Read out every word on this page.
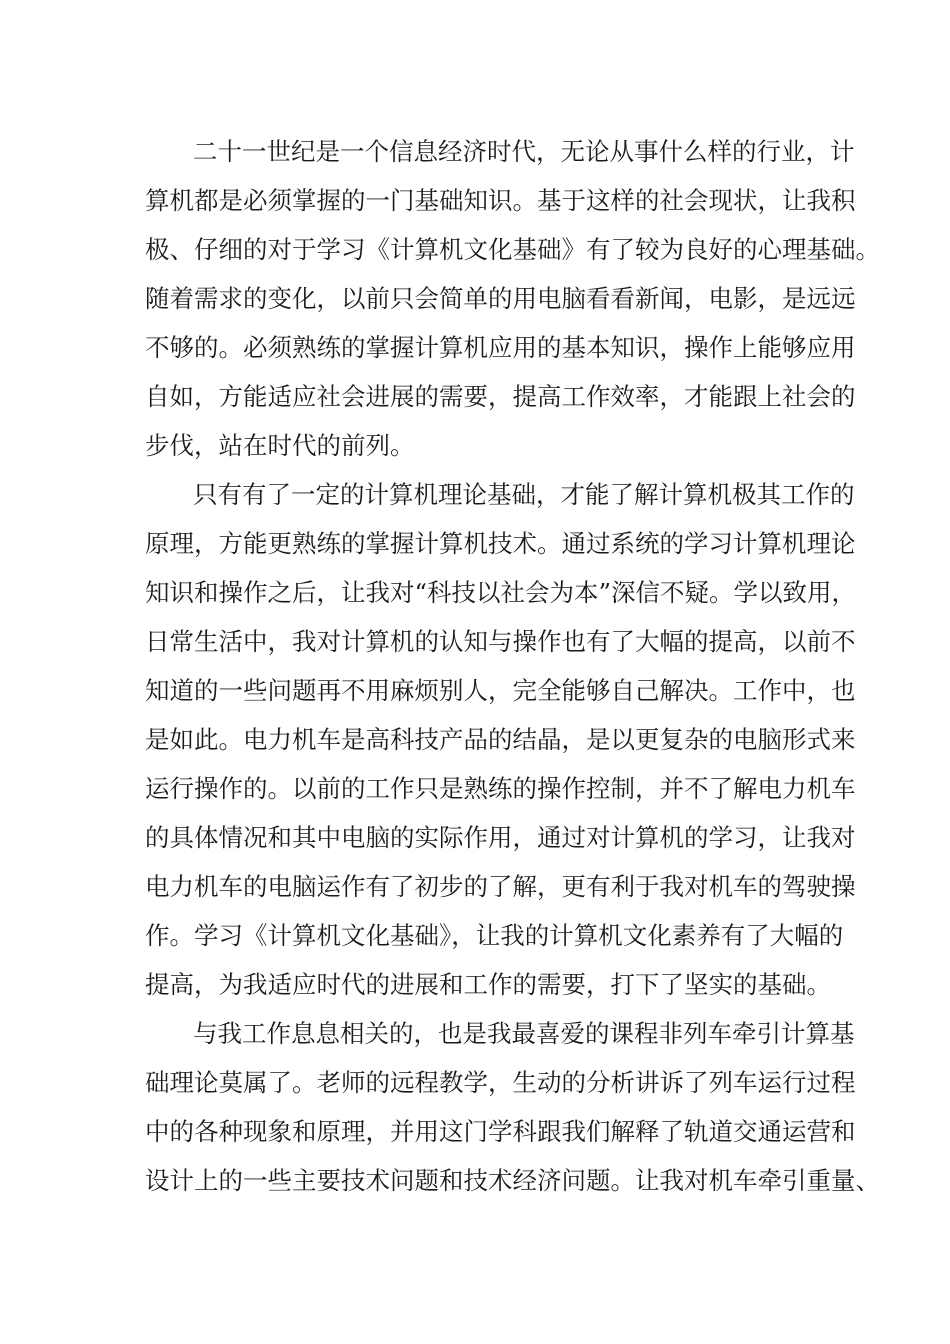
二十一世纪是一个信息经济时代，无论从事什么样的行业，计
算机都是必须掌握的一门基础知识。基于这样的社会现状，让我积
极、仔细的对于学习《计算机文化基础》有了较为良好的心理基础。
随着需求的变化，以前只会简单的用电脑看看新闻，电影，是远远
不够的。必须熟练的掌握计算机应用的基本知识，操作上能够应用
自如，方能适应社会进展的需要，提高工作效率，才能跟上社会的
步伐，站在时代的前列。
只有有了一定的计算机理论基础，才能了解计算机极其工作的
原理，方能更熟练的掌握计算机技术。通过系统的学习计算机理论
知识和操作之后，让我对“科技以社会为本”深信不疑。学以致用，
日常生活中，我对计算机的认知与操作也有了大幅的提高，以前不
知道的一些问题再不用麻烦别人，完全能够自己解决。工作中，也
是如此。电力机车是高科技产品的结晶，是以更复杂的电脑形式来
运行操作的。以前的工作只是熟练的操作控制，并不了解电力机车
的具体情况和其中电脑的实际作用，通过对计算机的学习，让我对
电力机车的电脑运作有了初步的了解，更有利于我对机车的驾驶操
作。学习《计算机文化基础》，让我的计算机文化素养有了大幅的
提高，为我适应时代的进展和工作的需要，打下了坚实的基础。
与我工作息息相关的，也是我最喜爱的课程非列车牵引计算基
础理论莫属了。老师的远程教学，生动的分析讲诉了列车运行过程
中的各种现象和原理，并用这门学科跟我们解释了轨道交通运营和
设计上的一些主要技术问题和技术经济问题。让我对机车牵引重量、
